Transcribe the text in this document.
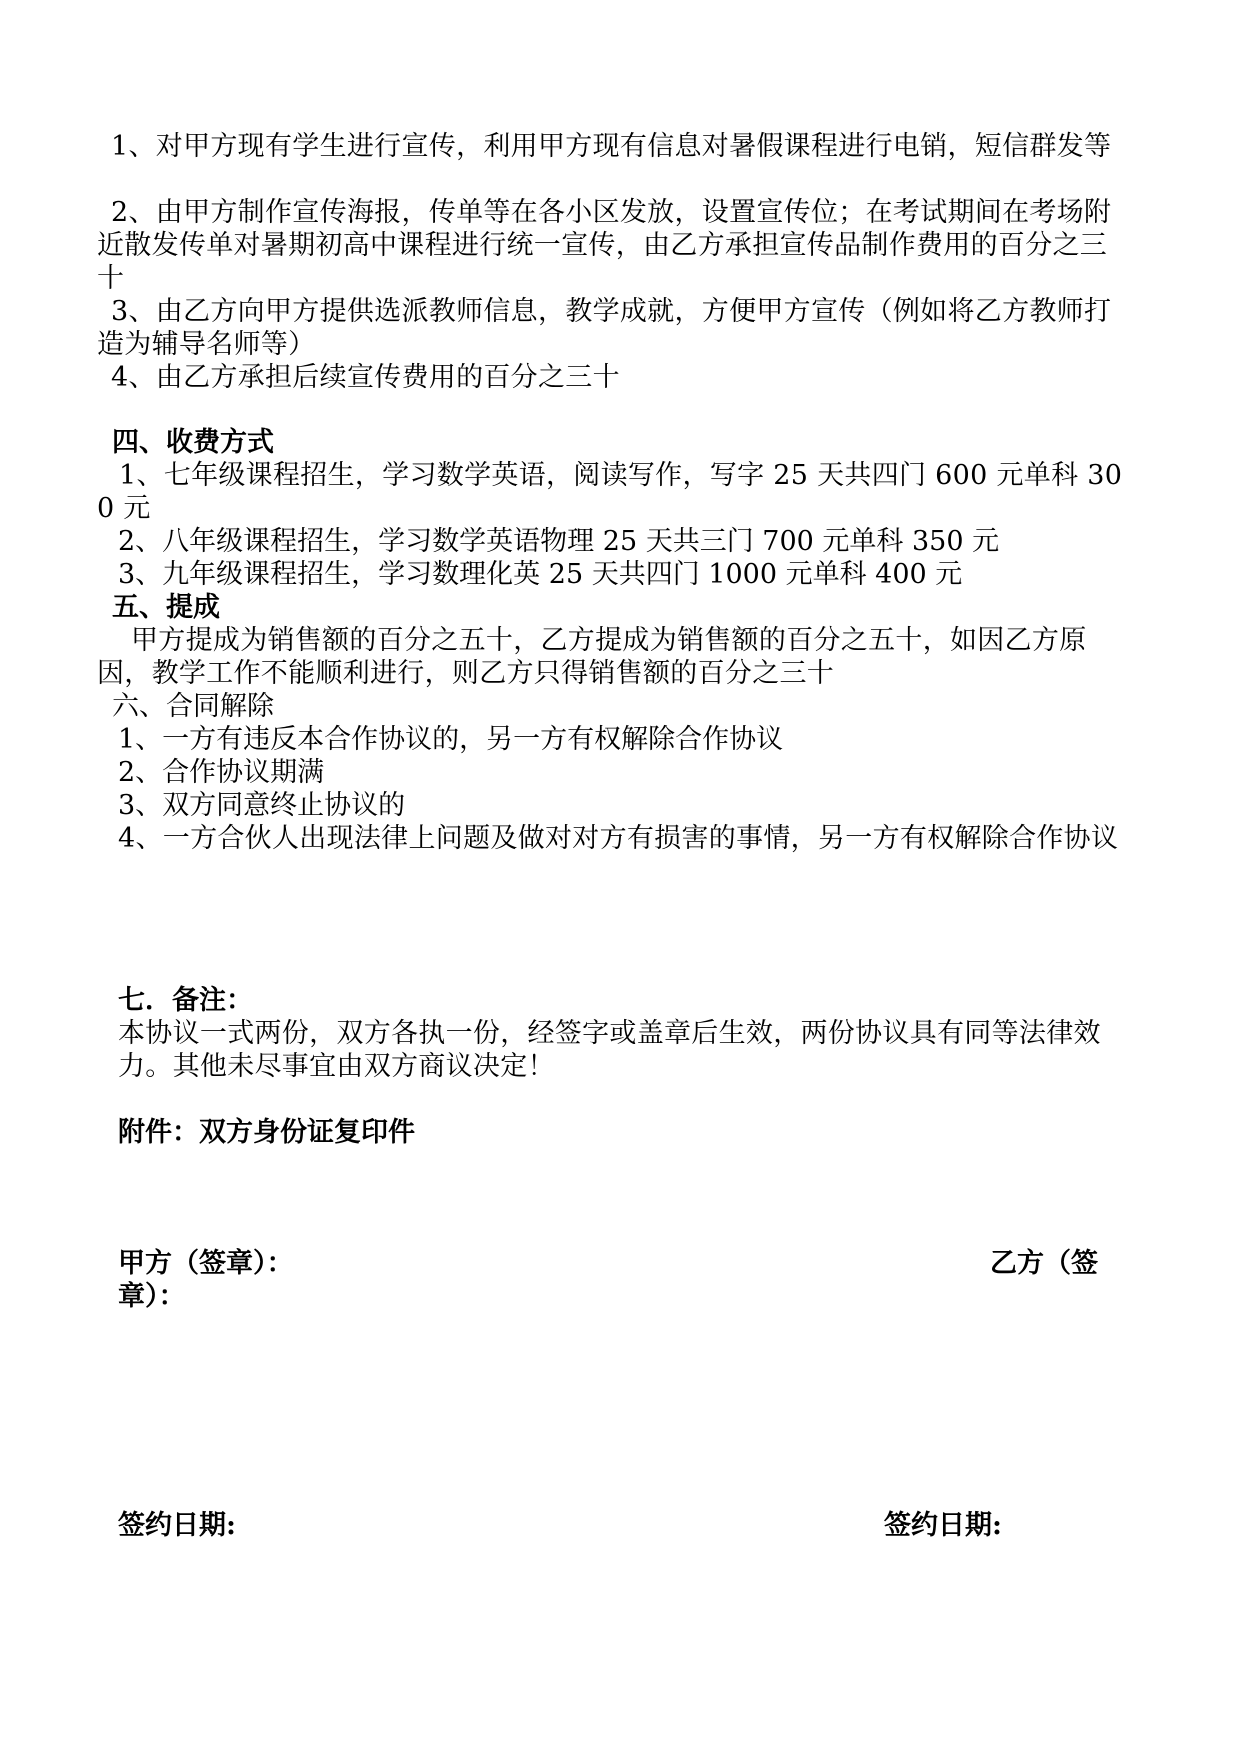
1、对甲方现有学生进行宣传，利用甲方现有信息对暑假课程进行电销，短信群发等
2、由甲方制作宣传海报，传单等在各小区发放，设置宣传位；在考试期间在考场附近散发传单对暑期初高中课程进行统一宣传，由乙方承担宣传品制作费用的百分之三十
3、由乙方向甲方提供选派教师信息，教学成就，方便甲方宣传（例如将乙方教师打造为辅导名师等）
4、由乙方承担后续宣传费用的百分之三十
四、收费方式
1、七年级课程招生，学习数学英语，阅读写作，写字 25 天共四门 600 元单科 300 元
2、八年级课程招生，学习数学英语物理 25 天共三门 700 元单科 350 元
3、九年级课程招生，学习数理化英 25 天共四门 1000 元单科 400 元
五、提成
甲方提成为销售额的百分之五十，乙方提成为销售额的百分之五十，如因乙方原因，教学工作不能顺利进行，则乙方只得销售额的百分之三十
六、合同解除
1、一方有违反本合作协议的，另一方有权解除合作协议
2、合作协议期满
3、双方同意终止协议的
4、一方合伙人出现法律上问题及做对对方有损害的事情，另一方有权解除合作协议
七．备注：
本协议一式两份，双方各执一份，经签字或盖章后生效，两份协议具有同等法律效力。其他未尽事宜由双方商议决定！
附件：双方身份证复印件
甲方（签章）：	乙方（签
章）：
签约日期:	签约日期:
